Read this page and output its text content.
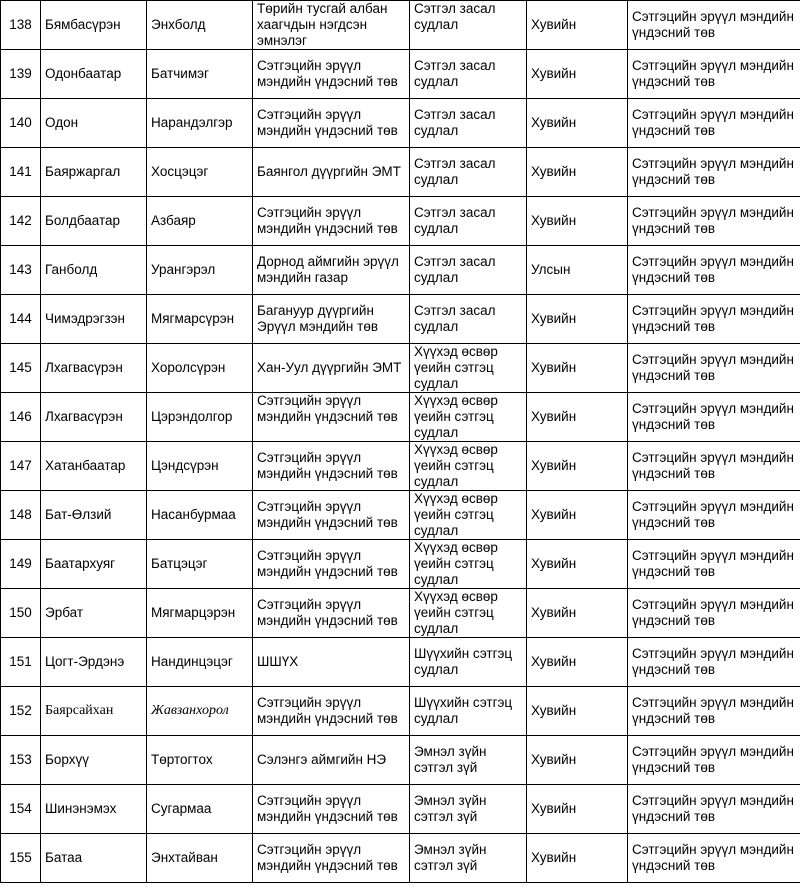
138	Бямбасүрэн	Энхболд	Төрийн тусгай албан хаагчдын нэгдсэн эмнэлэг	Сэтгэл засал судлал	Хувийн	Сэтгэцийн эрүүл мэндийн үндэсний төв
139	Одонбаатар	Батчимэг	Сэтгэцийн эрүүл мэндийн үндэсний төв	Сэтгэл засал судлал	Хувийн	Сэтгэцийн эрүүл мэндийн үндэсний төв
140	Одон	Нарандэлгэр	Сэтгэцийн эрүүл мэндийн үндэсний төв	Сэтгэл засал судлал	Хувийн	Сэтгэцийн эрүүл мэндийн үндэсний төв
141	Баяржаргал	Хосцэцэг	Баянгол дүүргийн ЭМТ	Сэтгэл засал судлал	Хувийн	Сэтгэцийн эрүүл мэндийн үндэсний төв
142	Болдбаатар	Азбаяр	Сэтгэцийн эрүүл мэндийн үндэсний төв	Сэтгэл засал судлал	Хувийн	Сэтгэцийн эрүүл мэндийн үндэсний төв
143	Ганболд	Урангэрэл	Дорнод аймгийн эрүүл мэндийн газар	Сэтгэл засал судлал	Улсын	Сэтгэцийн эрүүл мэндийн үндэсний төв
144	Чимэдрэгзэн	Мягмарсүрэн	Багануур дүүргийн Эрүүл мэндийн төв	Сэтгэл засал судлал	Хувийн	Сэтгэцийн эрүүл мэндийн үндэсний төв
145	Лхагвасүрэн	Хоролсүрэн	Хан-Уул дүүргийн ЭМТ	Хүүхэд өсвөр үеийн сэтгэц судлал	Хувийн	Сэтгэцийн эрүүл мэндийн үндэсний төв
146	Лхагвасүрэн	Цэрэндолгор	Сэтгэцийн эрүүл мэндийн үндэсний төв	Хүүхэд өсвөр үеийн сэтгэц судлал	Хувийн	Сэтгэцийн эрүүл мэндийн үндэсний төв
147	Хатанбаатар	Цэндсүрэн	Сэтгэцийн эрүүл мэндийн үндэсний төв	Хүүхэд өсвөр үеийн сэтгэц судлал	Хувийн	Сэтгэцийн эрүүл мэндийн үндэсний төв
148	Бат-Өлзий	Насанбурмаа	Сэтгэцийн эрүүл мэндийн үндэсний төв	Хүүхэд өсвөр үеийн сэтгэц судлал	Хувийн	Сэтгэцийн эрүүл мэндийн үндэсний төв
149	Баатархуяг	Батцэцэг	Сэтгэцийн эрүүл мэндийн үндэсний төв	Хүүхэд өсвөр үеийн сэтгэц судлал	Хувийн	Сэтгэцийн эрүүл мэндийн үндэсний төв
150	Эрбат	Мягмарцэрэн	Сэтгэцийн эрүүл мэндийн үндэсний төв	Хүүхэд өсвөр үеийн сэтгэц судлал	Хувийн	Сэтгэцийн эрүүл мэндийн үндэсний төв
151	Цогт-Эрдэнэ	Нандинцэцэг	ШШҮХ	Шүүхийн сэтгэц судлал	Хувийн	Сэтгэцийн эрүүл мэндийн үндэсний төв
152	Баярсайхан	Жавзанхорол	Сэтгэцийн эрүүл мэндийн үндэсний төв	Шүүхийн сэтгэц судлал	Хувийн	Сэтгэцийн эрүүл мэндийн үндэсний төв
153	Борхүү	Төртогтох	Сэлэнгэ аймгийн НЭ	Эмнэл зүйн сэтгэл зүй	Хувийн	Сэтгэцийн эрүүл мэндийн үндэсний төв
154	Шинэнэмэх	Сугармаа	Сэтгэцийн эрүүл мэндийн үндэсний төв	Эмнэл зүйн сэтгэл зүй	Хувийн	Сэтгэцийн эрүүл мэндийн үндэсний төв
155	Батаа	Энхтайван	Сэтгэцийн эрүүл мэндийн үндэсний төв	Эмнэл зүйн сэтгэл зүй	Хувийн	Сэтгэцийн эрүүл мэндийн үндэсний төв
